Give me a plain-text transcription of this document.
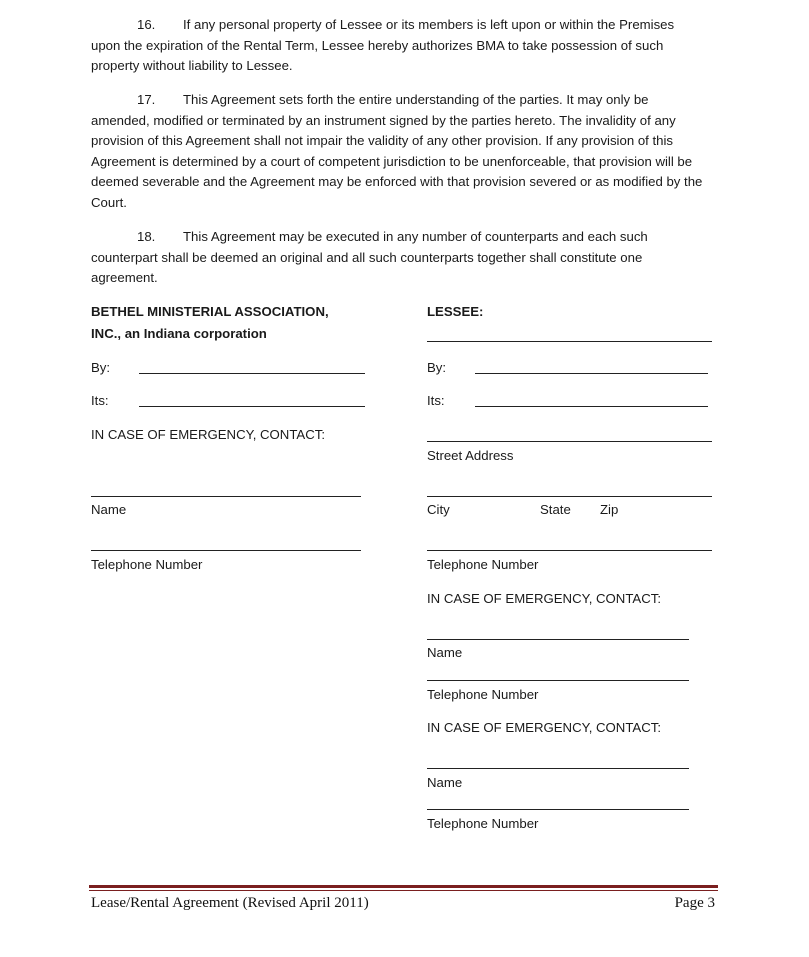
16. If any personal property of Lessee or its members is left upon or within the Premises upon the expiration of the Rental Term, Lessee hereby authorizes BMA to take possession of such property without liability to Lessee.
17. This Agreement sets forth the entire understanding of the parties. It may only be amended, modified or terminated by an instrument signed by the parties hereto. The invalidity of any provision of this Agreement shall not impair the validity of any other provision. If any provision of this Agreement is determined by a court of competent jurisdiction to be unenforceable, that provision will be deemed severable and the Agreement may be enforced with that provision severed or as modified by the Court.
18. This Agreement may be executed in any number of counterparts and each such counterpart shall be deemed an original and all such counterparts together shall constitute one agreement.
BETHEL MINISTERIAL ASSOCIATION,
INC., an Indiana corporation
By:
Its:
IN CASE OF EMERGENCY, CONTACT:
Name
Telephone Number
LESSEE:
By:
Its:
Street Address
City	State Zip
Telephone Number
IN CASE OF EMERGENCY, CONTACT:
Name
Telephone Number
IN CASE OF EMERGENCY, CONTACT:
Name
Telephone Number
Lease/Rental Agreement (Revised April 2011)	Page 3
